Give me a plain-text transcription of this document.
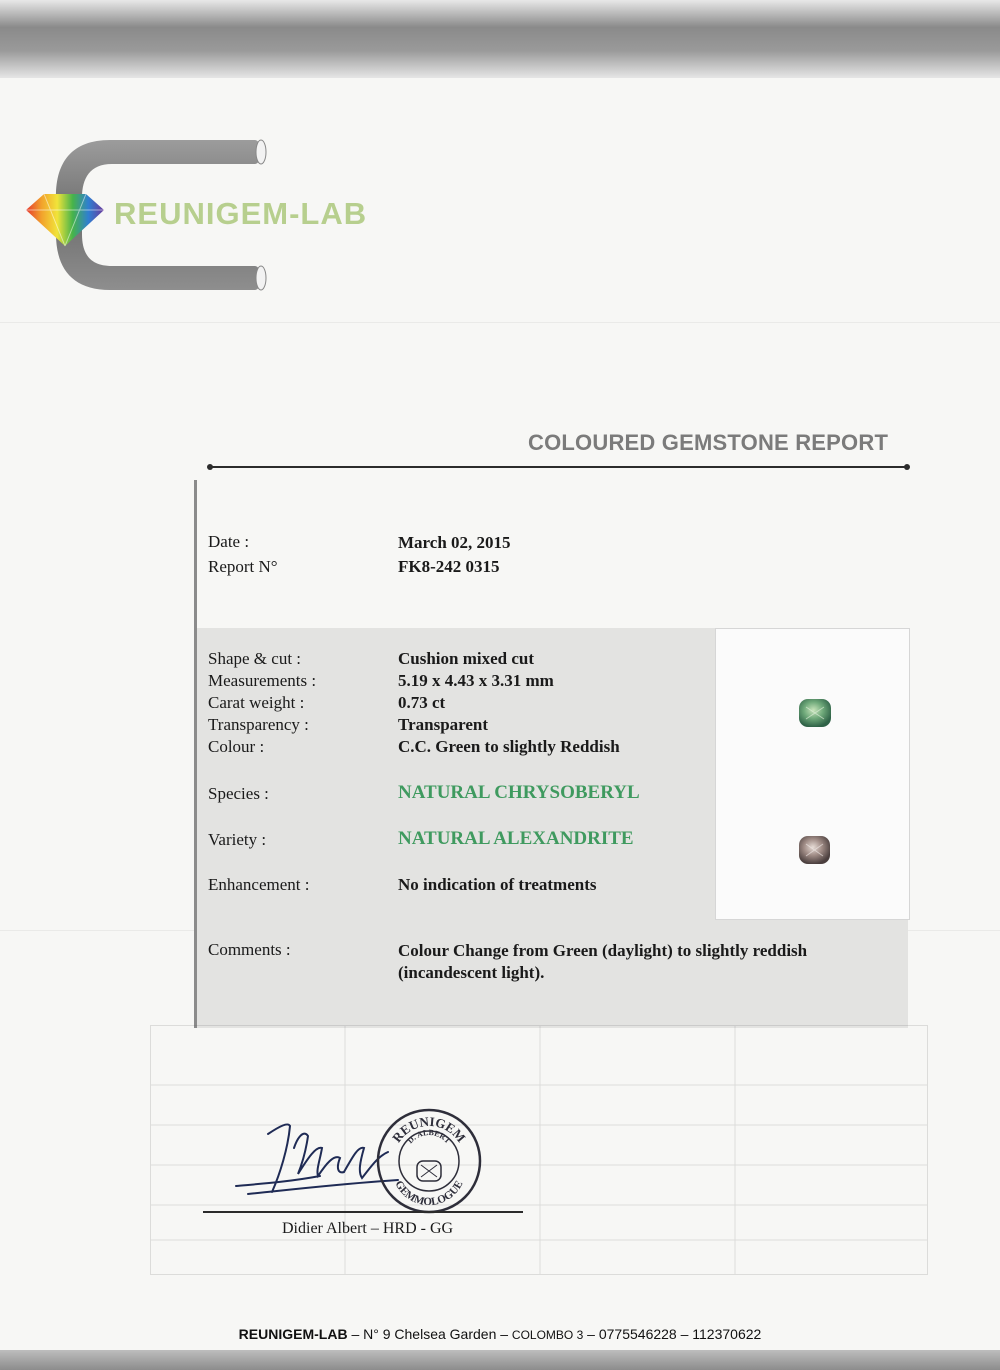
REUNIGEM-LAB
COLOURED GEMSTONE REPORT
Date :	March 02, 2015
Report N°	FK8-242 0315
Shape & cut :	Cushion mixed cut
Measurements :	5.19 x 4.43 x 3.31 mm
Carat weight :	0.73 ct
Transparency :	Transparent
Colour :	C.C. Green to slightly Reddish
Species :	NATURAL CHRYSOBERYL
Variety :	NATURAL ALEXANDRITE
Enhancement :	No indication of treatments
Comments :	Colour Change from Green (daylight) to slightly reddish
(incandescent light).
REUNIGEM
D. ALBERT
GEMMOLOGUE
Didier Albert – HRD - GG
REUNIGEM-LAB – N° 9 Chelsea Garden – COLOMBO 3 – 0775546228 – 112370622
